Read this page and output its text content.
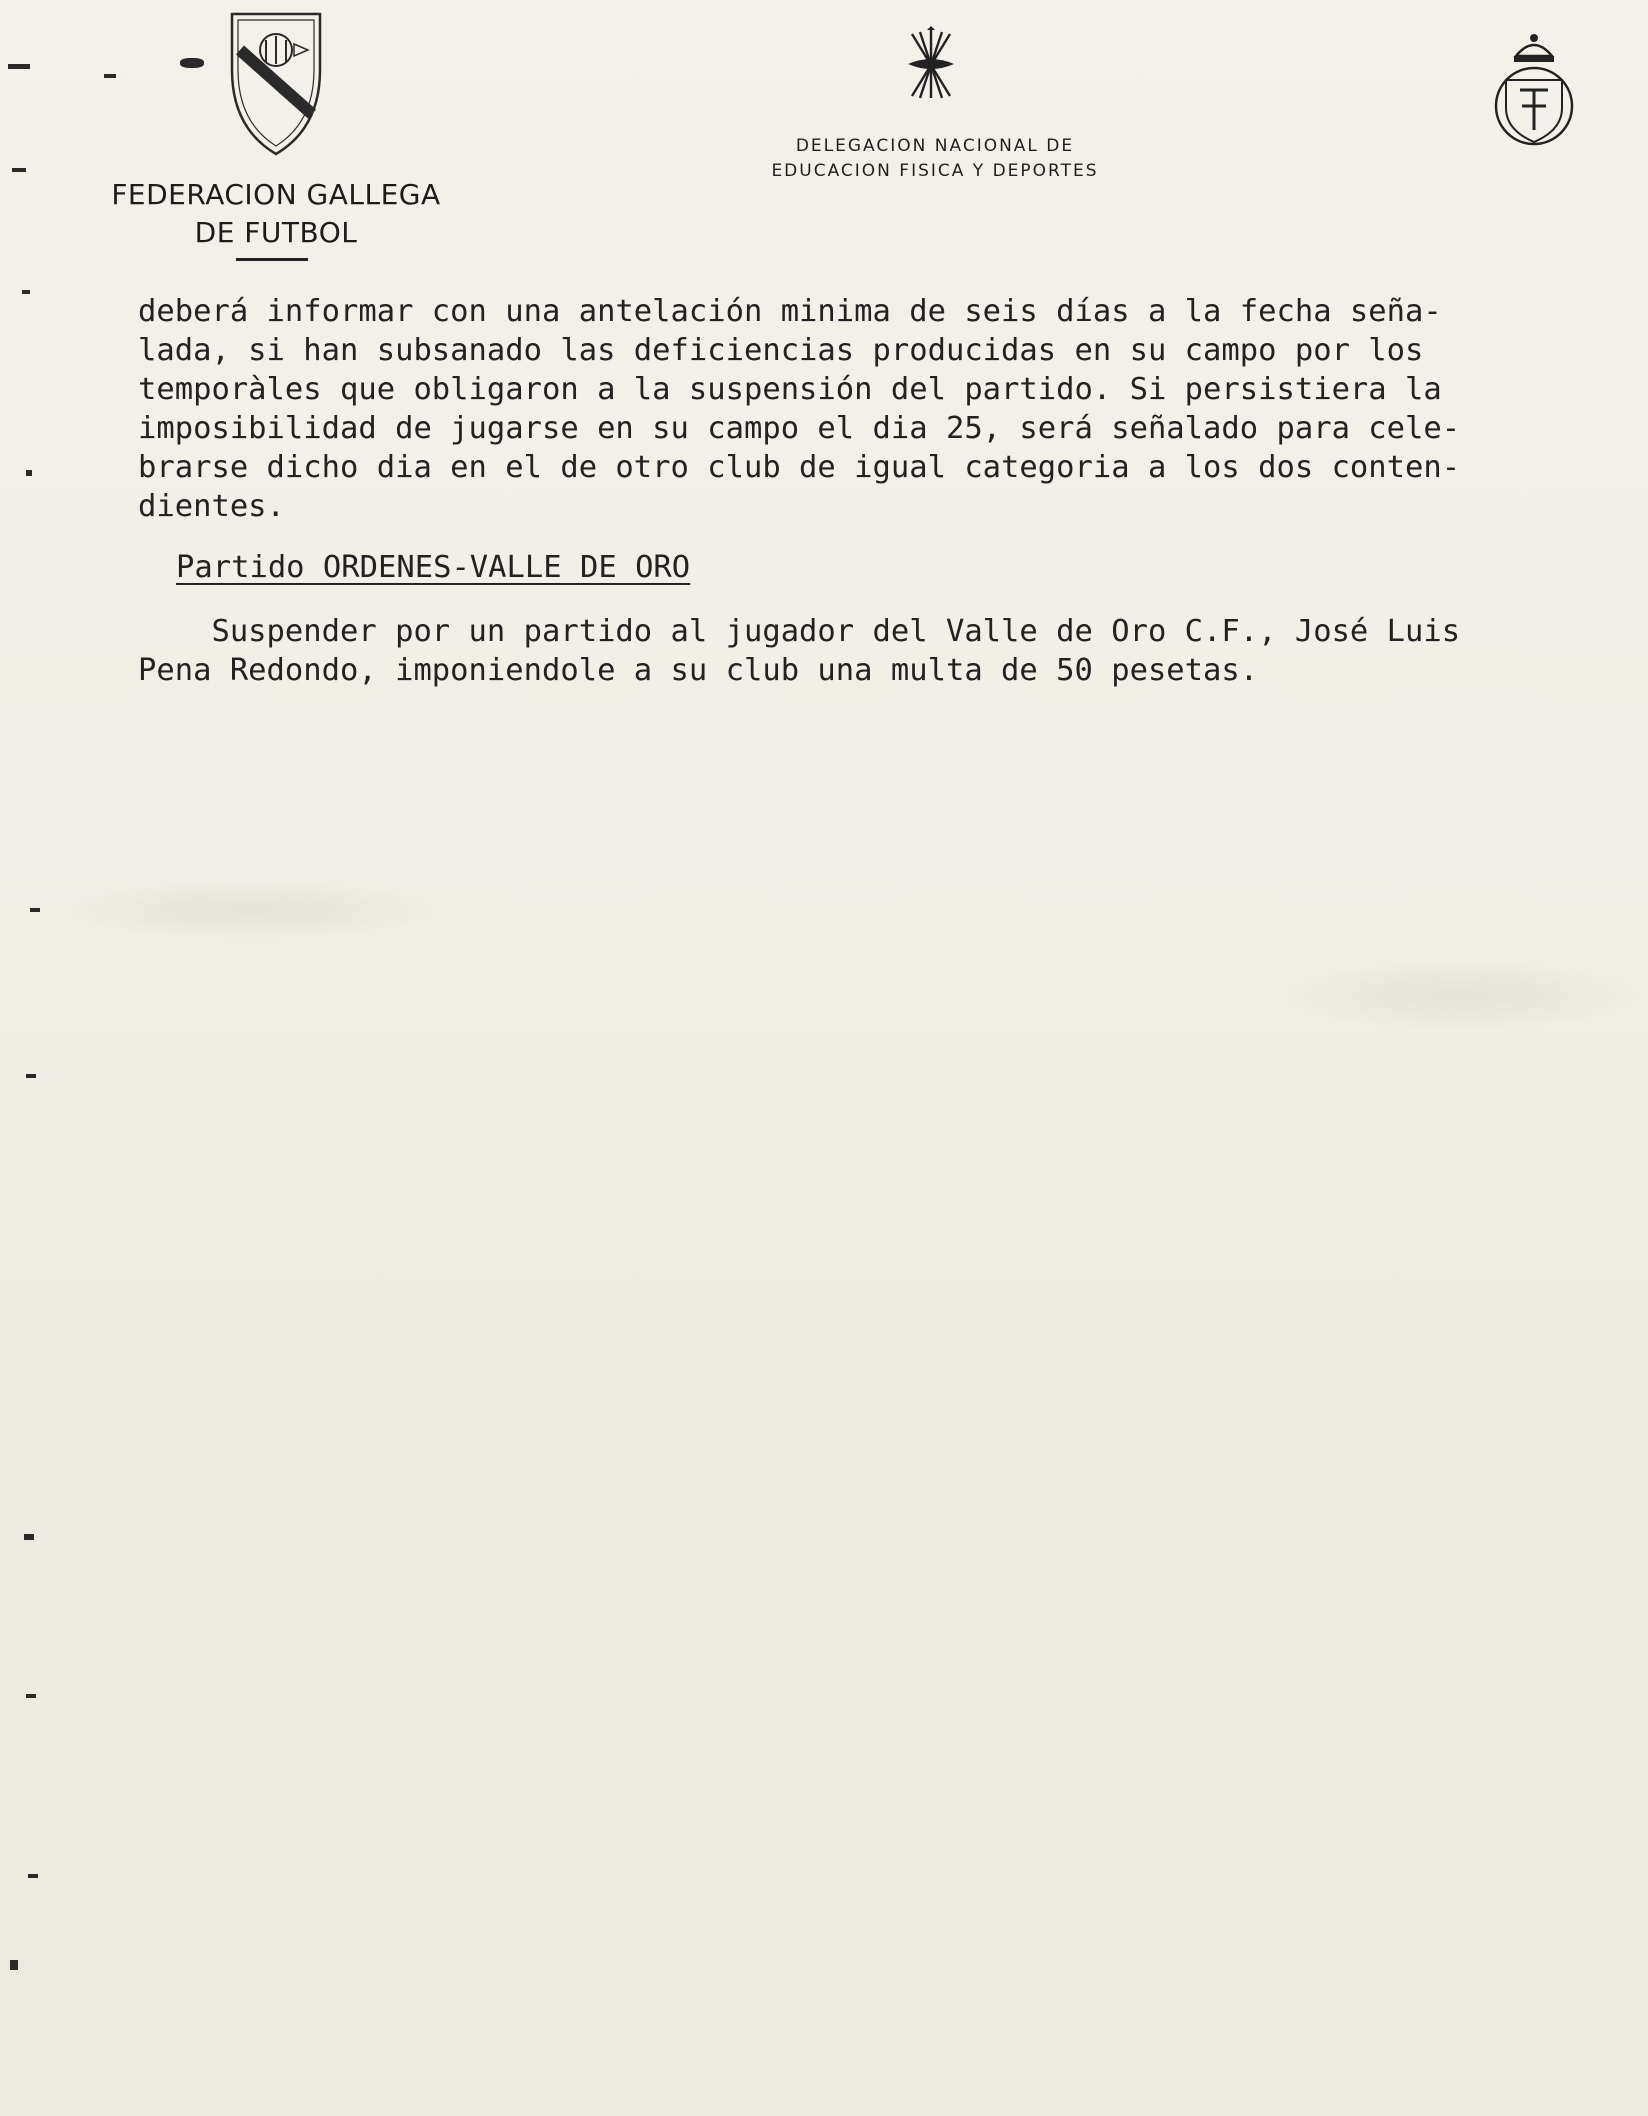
FEDERACION GALLEGA
DE FUTBOL
DELEGACION NACIONAL DE
EDUCACION FISICA Y DEPORTES
deberá informar con una antelación minima de seis días a la fecha seña-
lada, si han subsanado las deficiencias producidas en su campo por los
temporàles que obligaron a la suspensión del partido. Si persistiera la
imposibilidad de jugarse en su campo el dia 25, será señalado para cele-
brarse dicho dia en el de otro club de igual categoria a los dos conten-
dientes.
Partido ORDENES-VALLE DE ORO
Suspender por un partido al jugador del Valle de Oro C.F., José Luis
Pena Redondo, imponiendole a su club una multa de 50 pesetas.
